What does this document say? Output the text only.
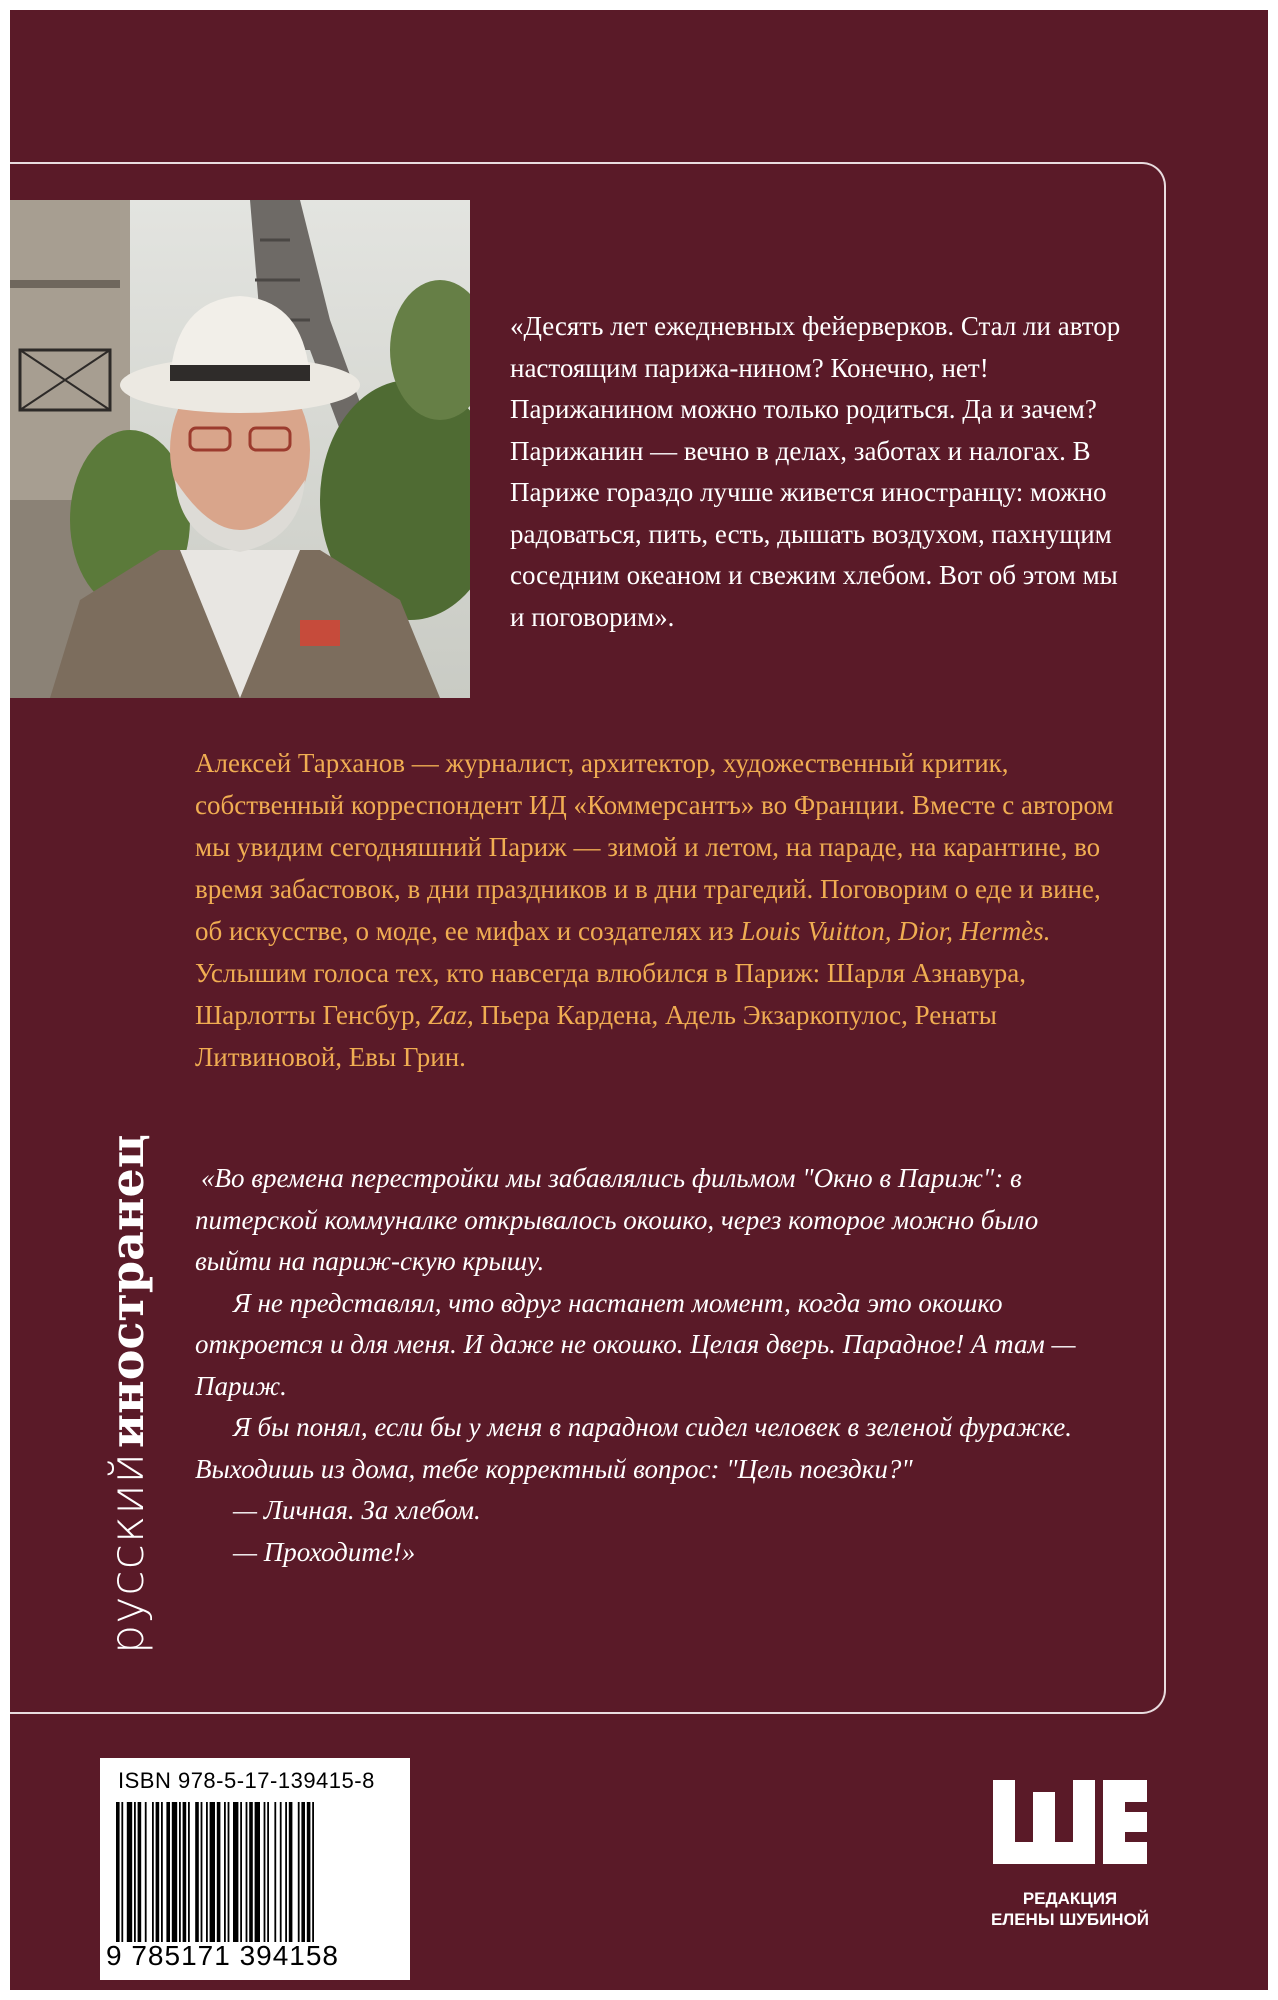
«Десять лет ежедневных фейерверков. Стал ли автор настоящим парижа-нином? Конечно, нет! Парижанином можно только родиться. Да и зачем? Парижанин — вечно в делах, заботах и налогах. В Париже гораздо лучше живется иностранцу: можно радоваться, пить, есть, дышать воздухом, пахнущим соседним океаном и свежим хлебом. Вот об этом мы и поговорим».
Алексей Тарханов — журналист, архитектор, художественный критик, собственный корреспондент ИД «Коммерсантъ» во Франции. Вместе с автором мы увидим сегодняшний Париж — зимой и летом, на параде, на карантине, во время забастовок, в дни праздников и в дни трагедий. Поговорим о еде и вине, об искусстве, о моде, ее мифах и создателях из Louis Vuitton, Dior, Hermès. Услышим голоса тех, кто навсегда влюбился в Париж: Шарля Азнавура, Шарлотты Генсбур, Zaz, Пьера Кардена, Адель Экзаркопулос, Ренаты Литвиновой, Евы Грин.

«Во времена перестройки мы забавлялись фильмом "Окно в Париж": в питерской коммуналке открывалось окошко, через которое можно было выйти на париж-скую крышу.

Я не представлял, что вдруг настанет момент, когда это окошко откроется и для меня. И даже не окошко. Целая дверь. Парадное! А там — Париж.

Я бы понял, если бы у меня в парадном сидел человек в зеленой фуражке. Выходишь из дома, тебе корректный вопрос: "Цель поездки?"

— Личная. За хлебом.

— Проходите!»

русский иностранец
ISBN 978-5-17-139415-8
9 785171 394158
РЕДАКЦИЯ
ЕЛЕНЫ ШУБИНОЙ
